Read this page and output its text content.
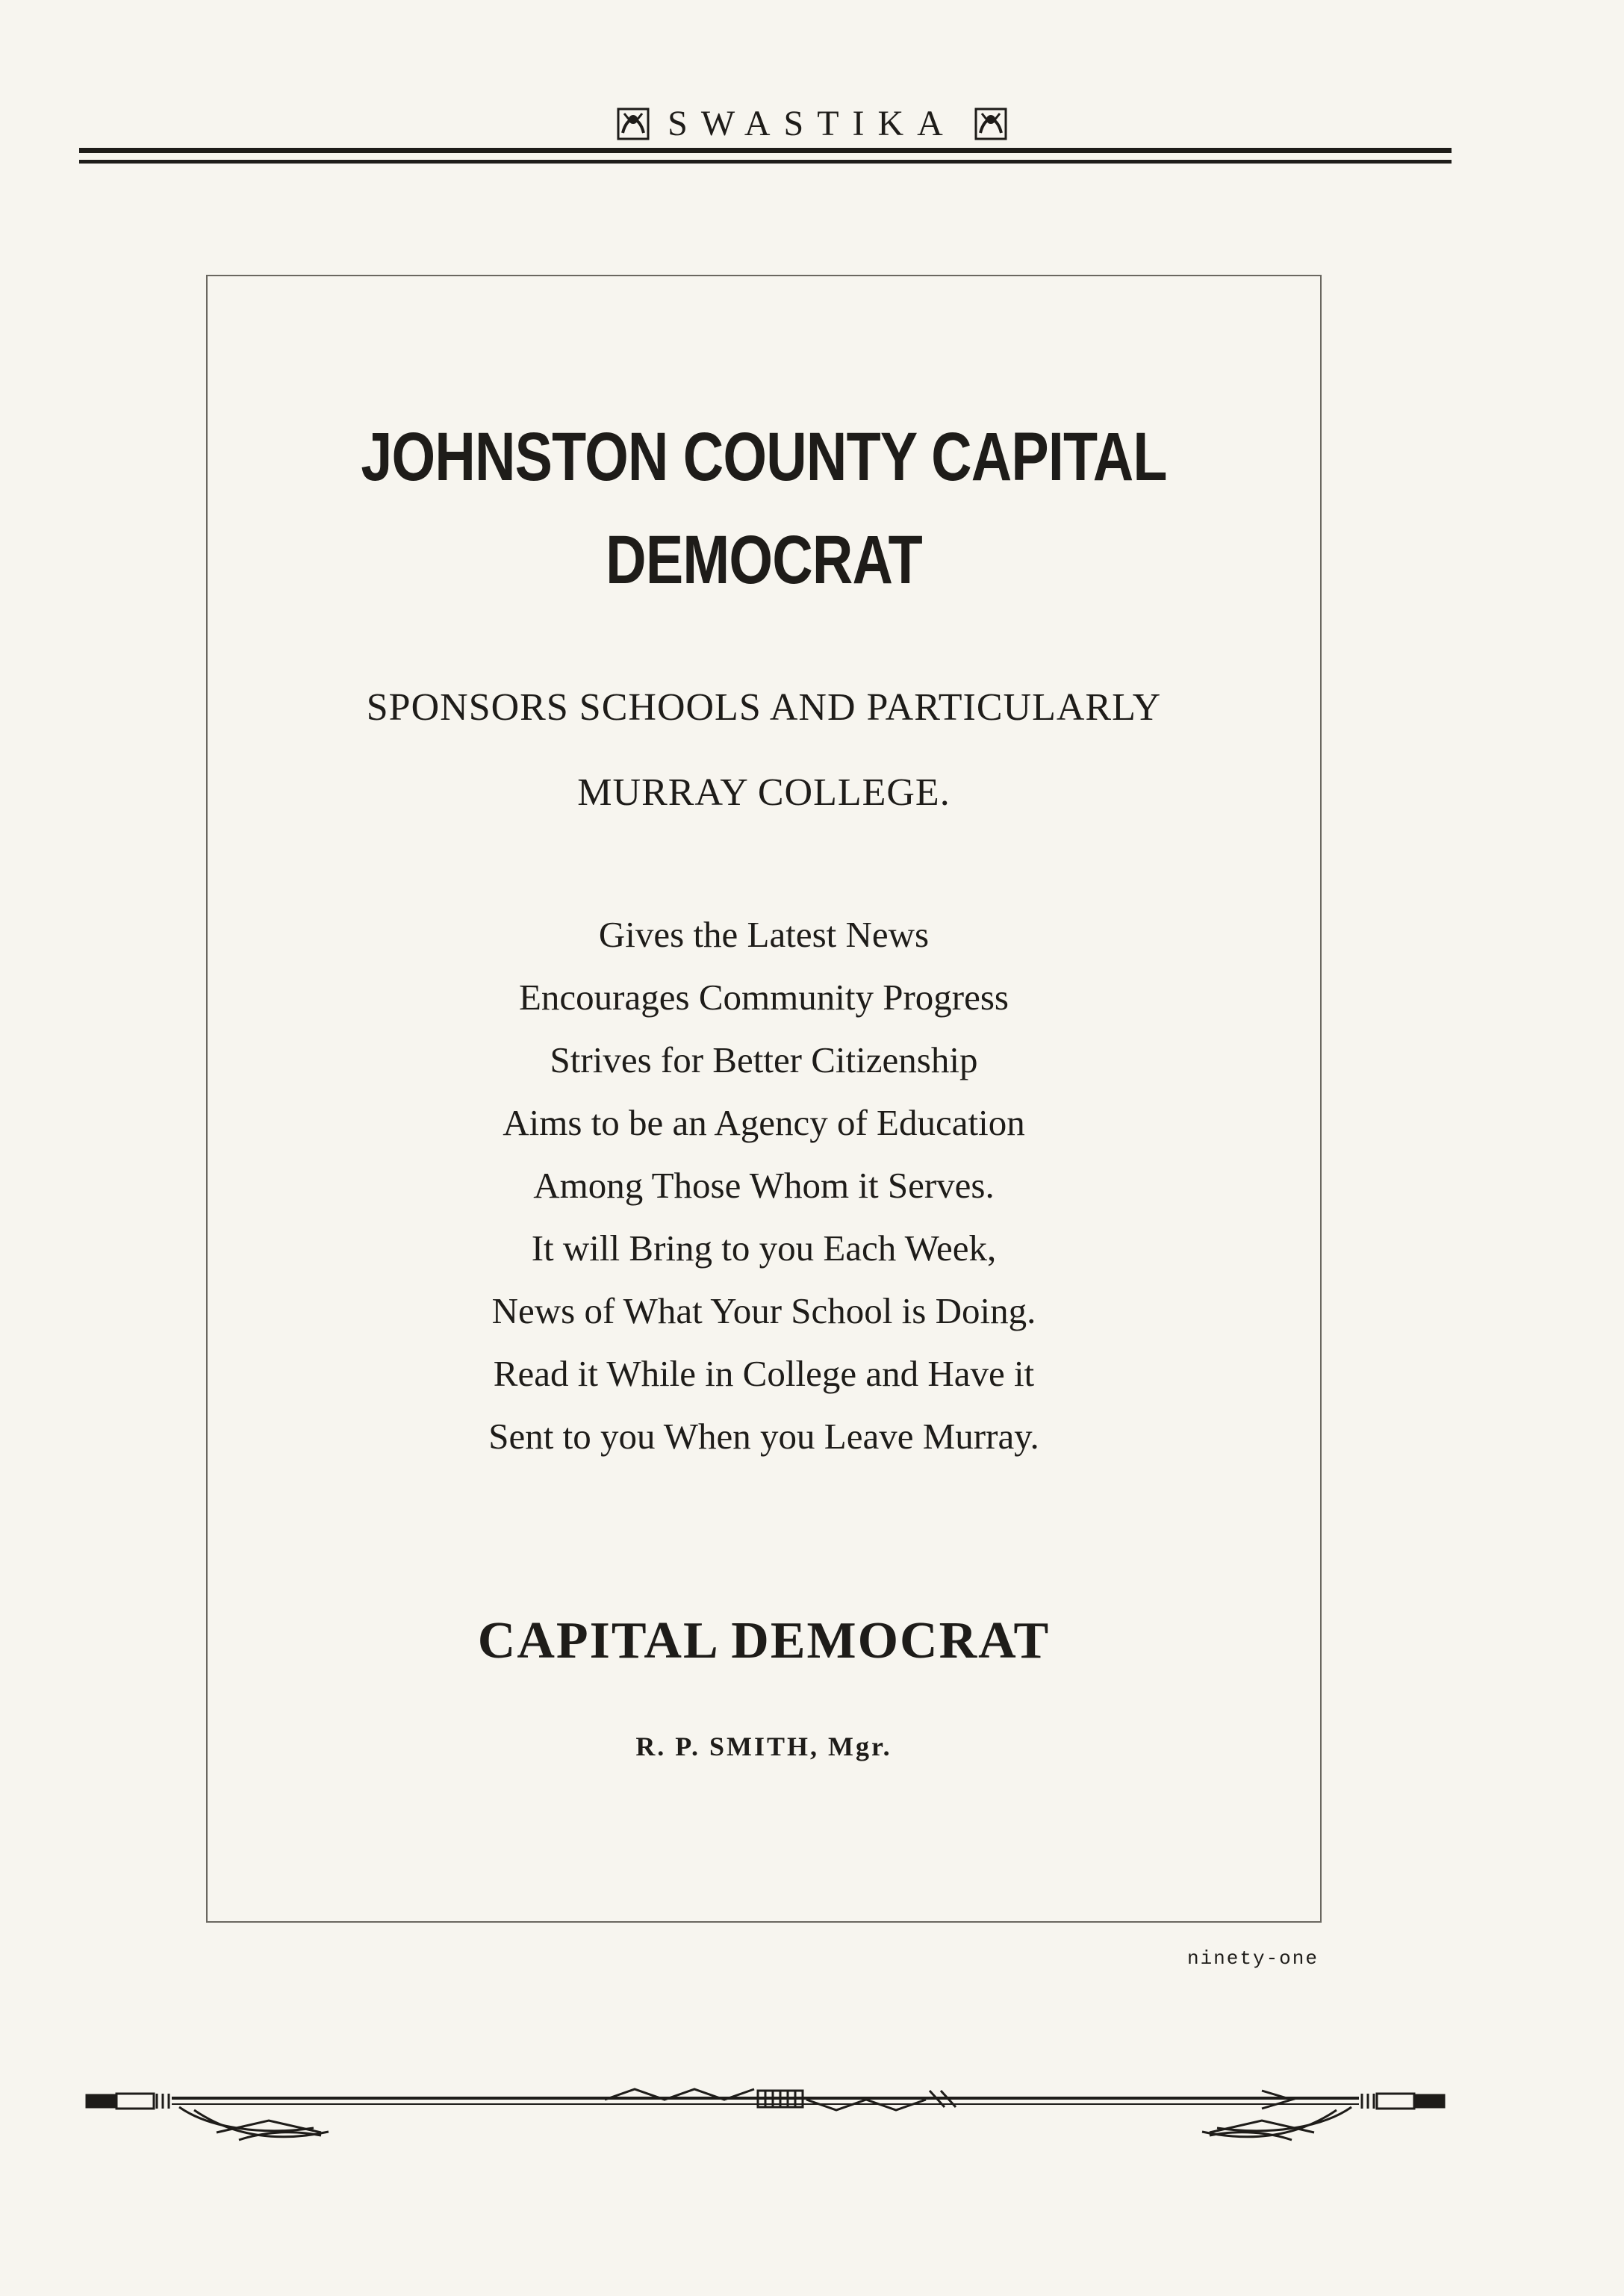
SWASTIKA
JOHNSTON COUNTY CAPITAL
DEMOCRAT
SPONSORS SCHOOLS AND PARTICULARLY
MURRAY COLLEGE.
Gives the Latest News
Encourages Community Progress
Strives for Better Citizenship
Aims to be an Agency of Education
Among Those Whom it Serves.
It will Bring to you Each Week,
News of What Your School is Doing.
Read it While in College and Have it
Sent to you When you Leave Murray.
CAPITAL DEMOCRAT
R. P. SMITH, Mgr.
ninety-one
